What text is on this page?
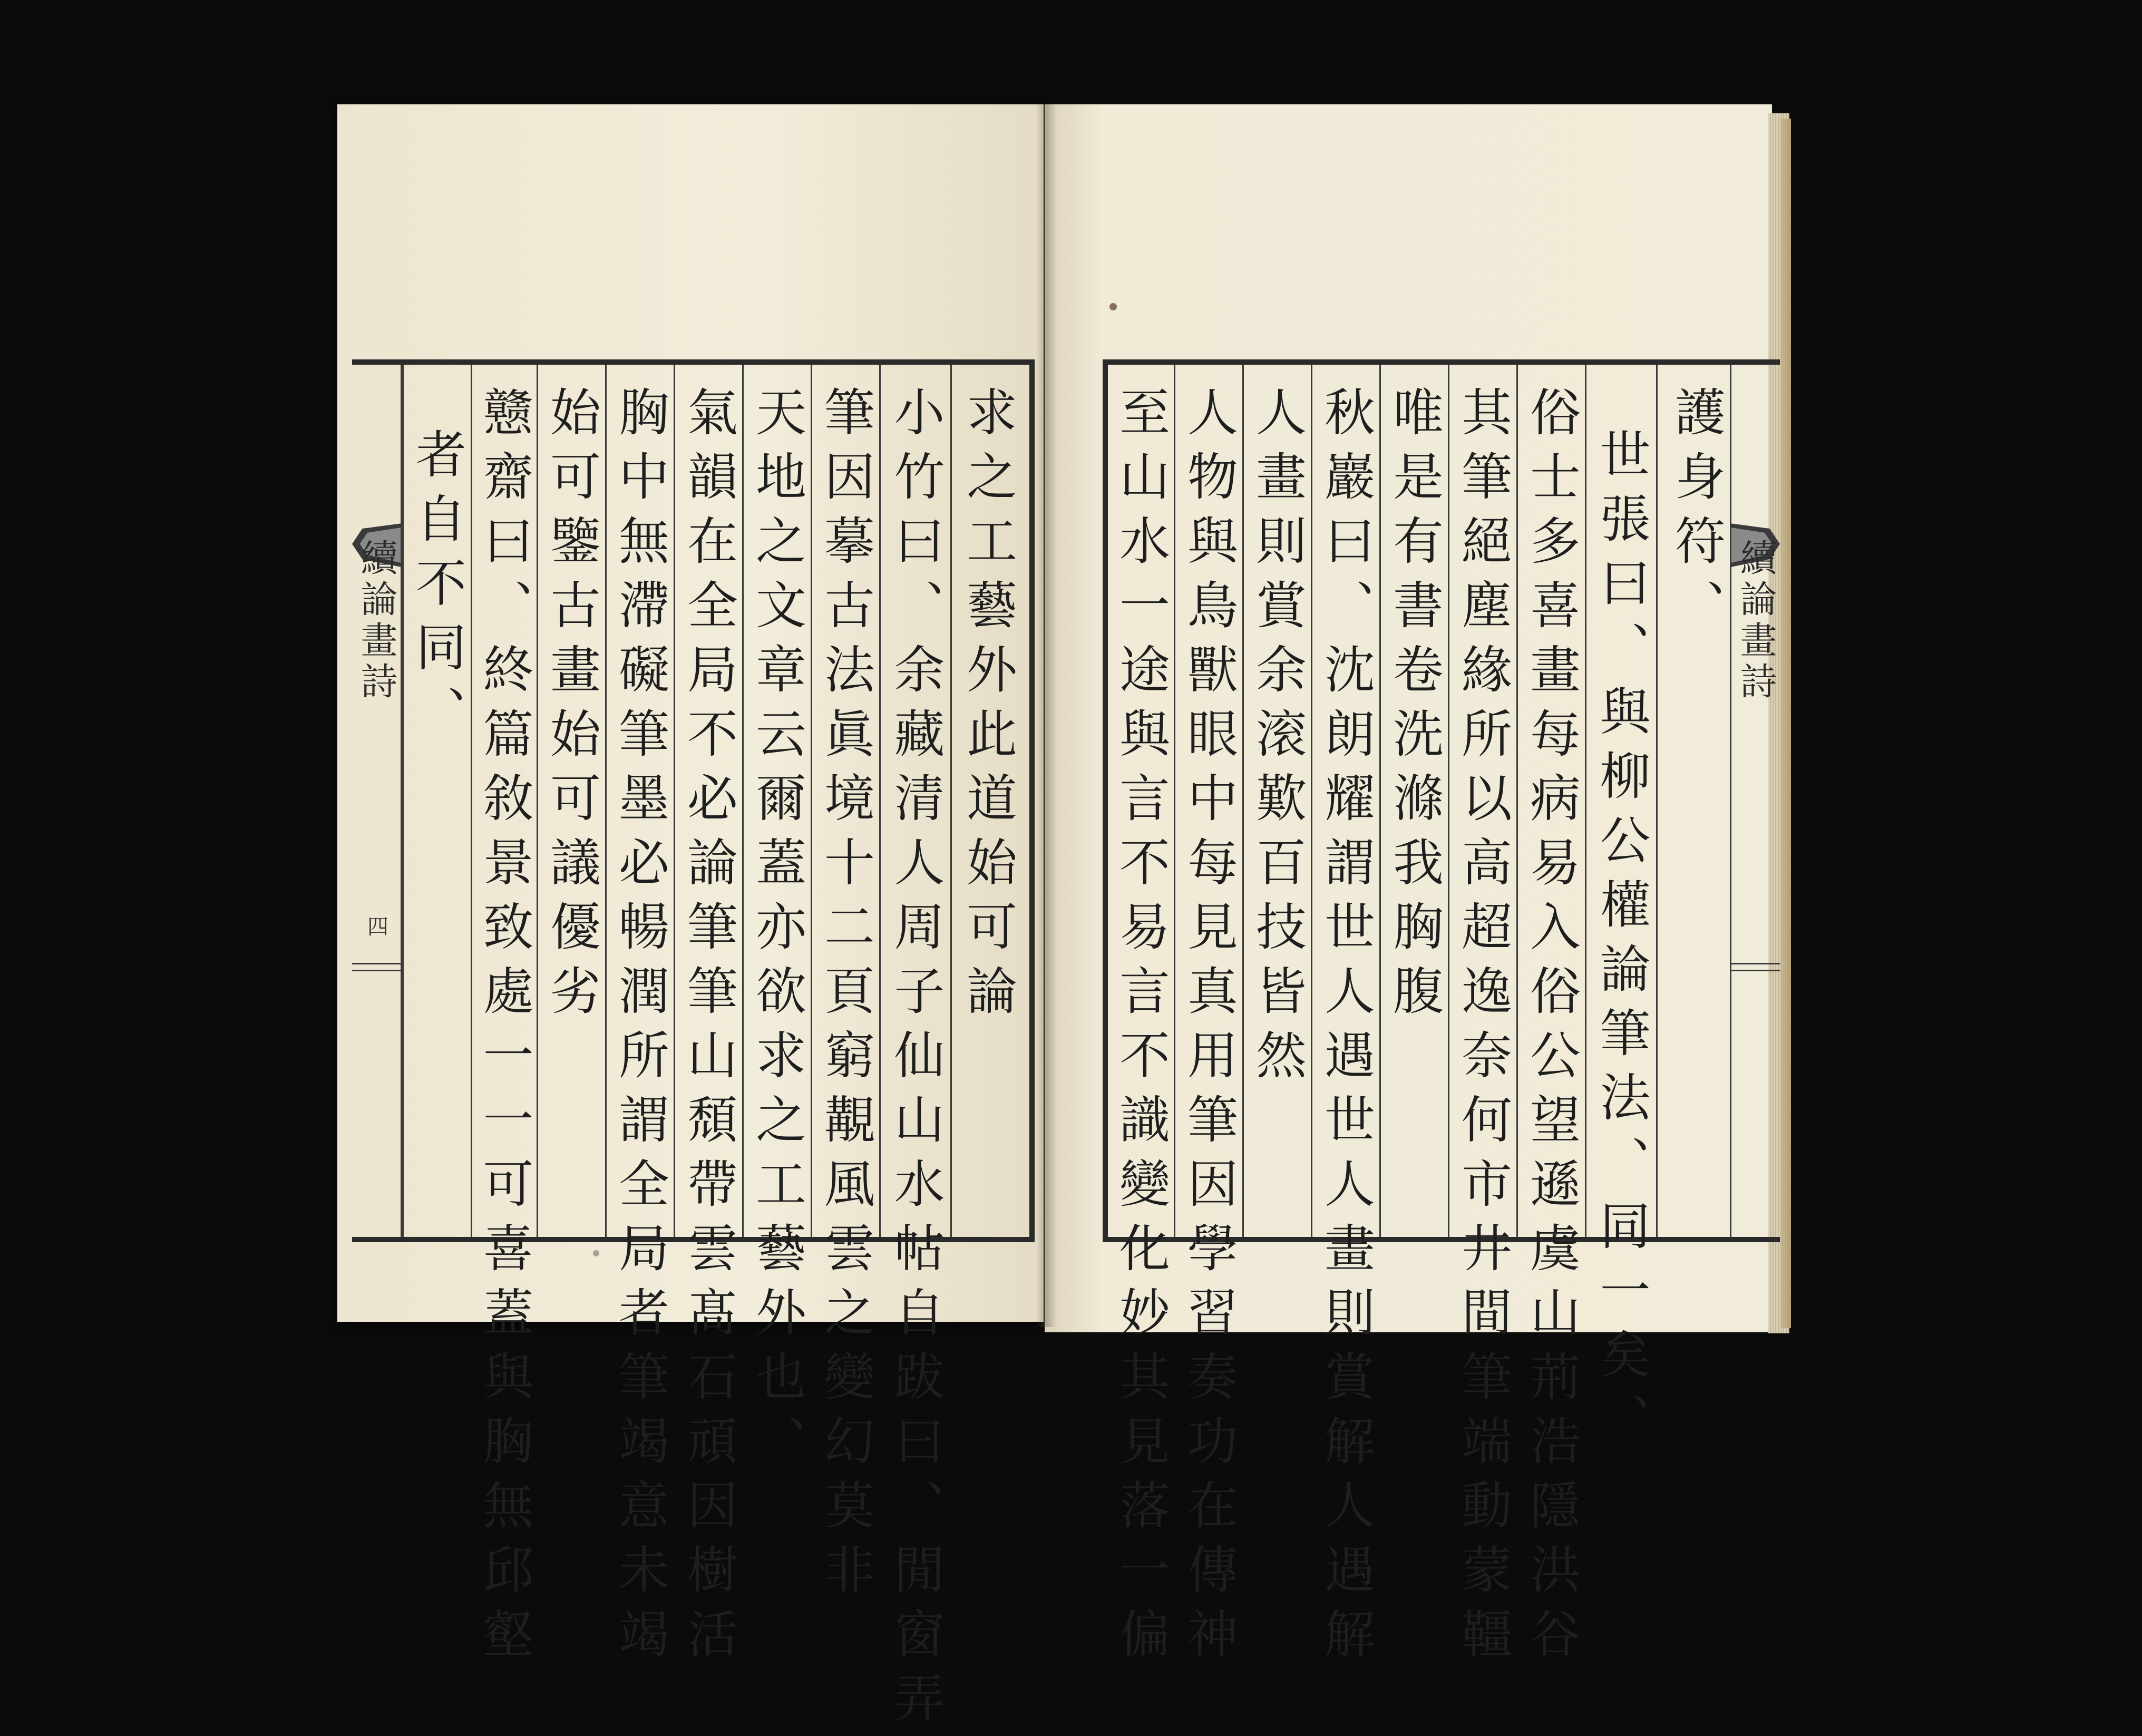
續論畫詩
四	求之工藝外此道始可論
小竹曰、余藏清人周子仙山水帖自跋曰、閒窗弄
筆因摹古法眞境十二頁窮覯風雲之變幻莫非
天地之文章云爾蓋亦欲求之工藝外也、
氣韻在全局不必論筆筆山頹帶雲髙石頑因樹活
胸中無滯礙筆墨必暢潤所謂全局者筆竭意未竭
始可鑒古畫始可議優劣
戆齋曰、終篇敘景致處一一可喜蓋與胸無邱壑
者自不同、	續論畫詩
護身符、
世張曰、與柳公權論筆法、同一矣、
俗士多喜畫每病易入俗公望遜虞山荊浩隱洪谷
其筆絕塵緣所以高超逸奈何市井間筆端動蒙韁
唯是有書卷洗滌我胸腹
秋巖曰、沈朗耀謂世人遇世人畫則賞解人遇解
人畫則賞余滚歎百技皆然
人物與鳥獸眼中每見真用筆因學習奏功在傳神
至山水一途與言不易言不識變化妙其見落一偏
